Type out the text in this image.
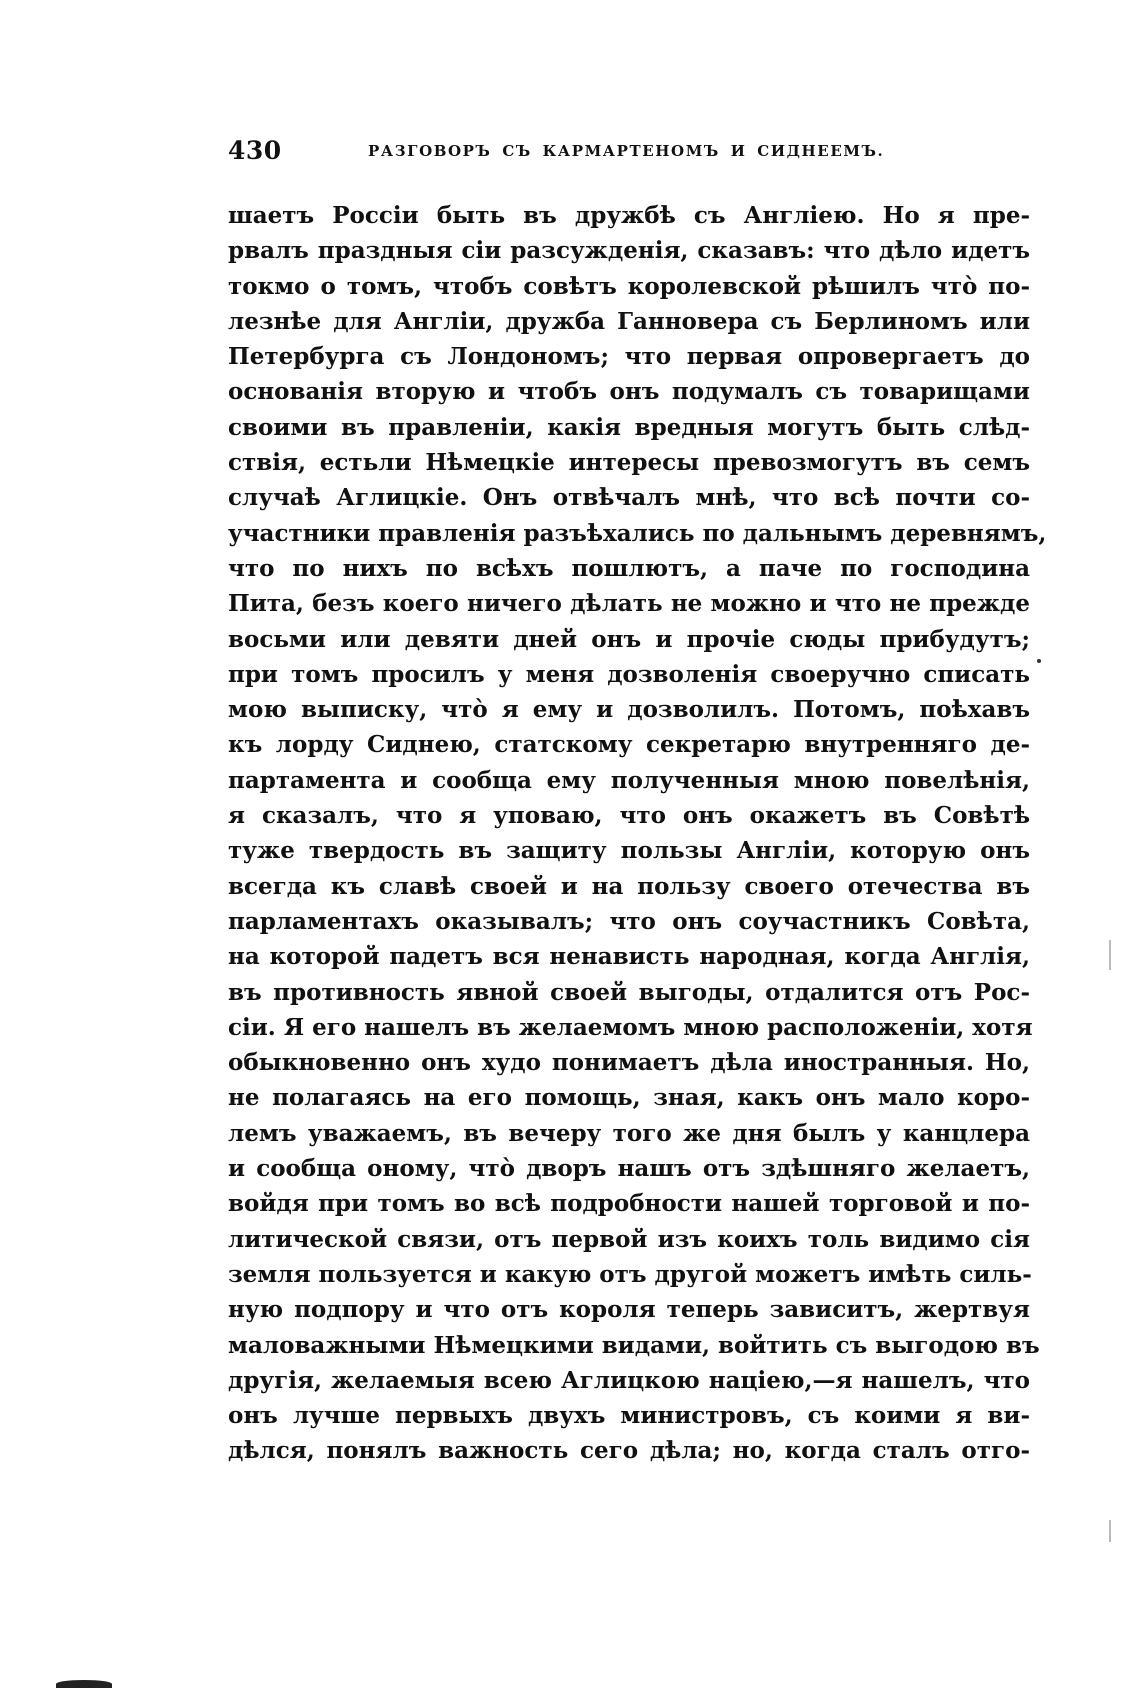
430	РАЗГОВОРЪ СЪ КАРМАРТЕНОМЪ И СИДНЕЕМЪ.
шаетъ Россіи быть въ дружбѣ съ Англіею. Но я пре-
рвалъ праздныя сіи разсужденія, сказавъ: что дѣло идетъ
токмо о томъ, чтобъ совѣтъ королевской рѣшилъ что̀ по-
лезнѣе для Англіи, дружба Ганновера съ Берлиномъ или
Петербурга съ Лондономъ; что первая опровергаетъ до
основанія вторую и чтобъ онъ подумалъ съ товарищами
своими въ правленіи, какія вредныя могутъ быть слѣд-
ствія, естьли Нѣмецкіе интересы превозмогутъ въ семъ
случаѣ Аглицкіе. Онъ отвѣчалъ мнѣ, что всѣ почти со-
участники правленія разъѣхались по дальнымъ деревнямъ,
что по нихъ по всѣхъ пошлютъ, а паче по господина
Пита, безъ коего ничего дѣлать не можно и что не прежде
восьми или девяти дней онъ и прочіе сюды прибудутъ;
при томъ просилъ у меня дозволенія своеручно списать
мою выписку, что̀ я ему и дозволилъ. Потомъ, поѣхавъ
къ лорду Сиднею, статскому секретарю внутренняго де-
партамента и сообща ему полученныя мною повелѣнія,
я сказалъ, что я уповаю, что онъ окажетъ въ Совѣтѣ
туже твердость въ защиту пользы Англіи, которую онъ
всегда къ славѣ своей и на пользу своего отечества въ
парламентахъ оказывалъ; что онъ соучастникъ Совѣта,
на которой падетъ вся ненависть народная, когда Англія,
въ противность явной своей выгоды, отдалится отъ Рос-
сіи. Я его нашелъ въ желаемомъ мною расположеніи, хотя
обыкновенно онъ худо понимаетъ дѣла иностранныя. Но,
не полагаясь на его помощь, зная, какъ онъ мало коро-
лемъ уважаемъ, въ вечеру того же дня былъ у канцлера
и сообща оному, что̀ дворъ нашъ отъ здѣшняго желаетъ,
войдя при томъ во всѣ подробности нашей торговой и по-
литической связи, отъ первой изъ коихъ толь видимо сія
земля пользуется и какую отъ другой можетъ имѣть силь-
ную подпору и что отъ короля теперь зависитъ, жертвуя
маловажными Нѣмецкими видами, войтить съ выгодою въ
другія, желаемыя всею Аглицкою націею,—я нашелъ, что
онъ лучше первыхъ двухъ министровъ, съ коими я ви-
дѣлся, понялъ важность сего дѣла; но, когда сталъ отго-
